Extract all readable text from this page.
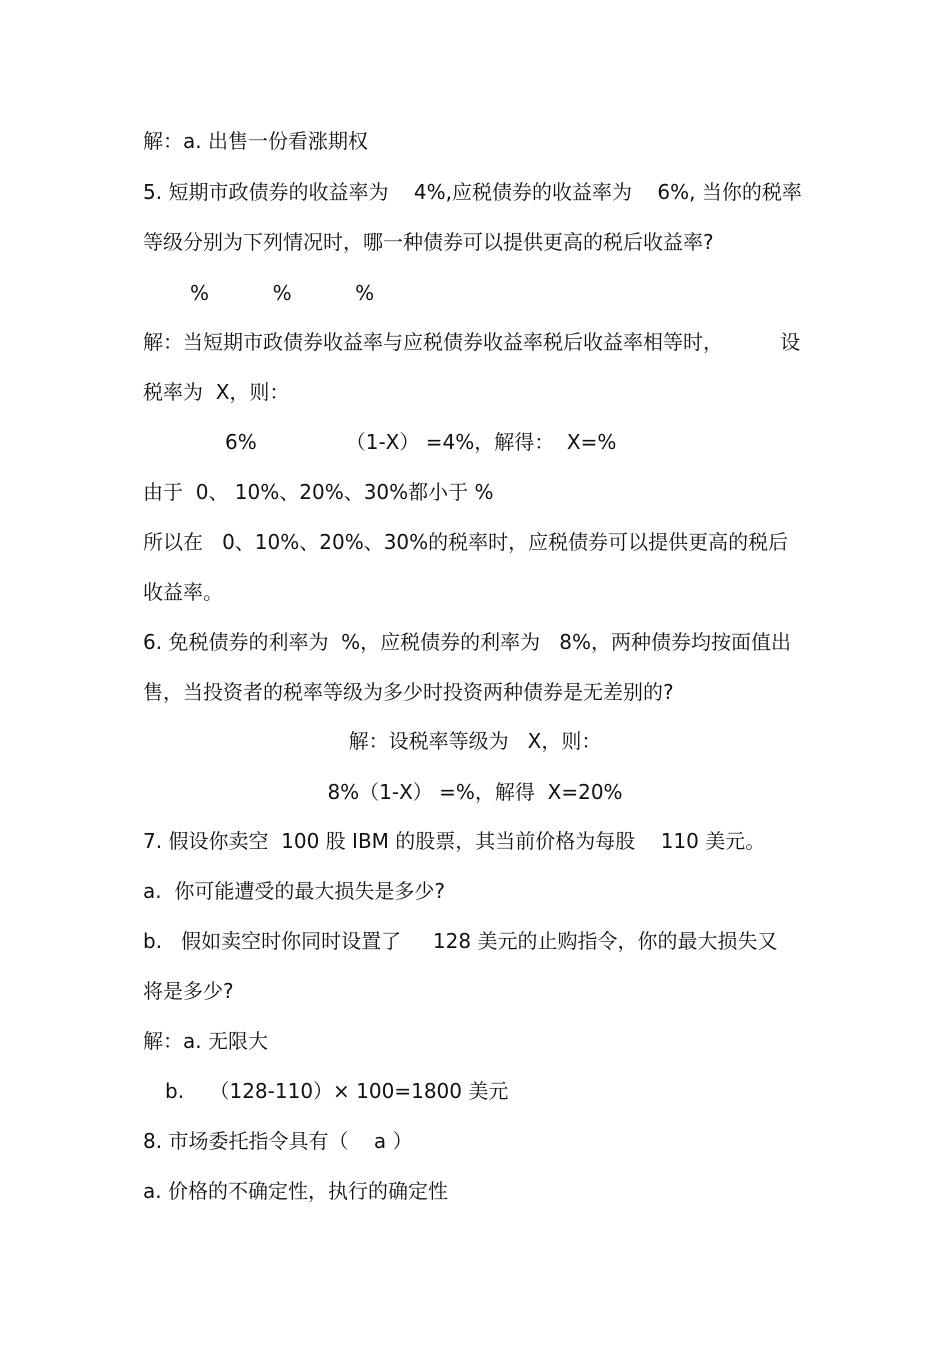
解：a. 出售一份看涨期权
5. 短期市政债券的收益率为    4%,应税债券的收益率为    6%, 当你的税率
等级分别为下列情况时，哪一种债券可以提供更高的税后收益率?
%          %          %
解：当短期市政债券收益率与应税债券收益率税后收益率相等时，         设
税率为  X，则：
6%              （1-X） =4%，解得：  X=%
由于  0、 10%、20%、30%都小于 %
所以在   0、10%、20%、30%的税率时，应税债券可以提供更高的税后
收益率。
6. 免税债券的利率为  %，应税债券的利率为   8%，两种债券均按面值出
售，当投资者的税率等级为多少时投资两种债券是无差别的?
解：设税率等级为   X，则：
8%（1-X） =%，解得  X=20%
7. 假设你卖空  100 股 IBM 的股票，其当前价格为每股    110 美元。
a.  你可能遭受的最大损失是多少?
b.   假如卖空时你同时设置了     128 美元的止购指令，你的最大损失又
将是多少?
解：a. 无限大
b.    （128-110）× 100=1800 美元
8. 市场委托指令具有（    a ）
a. 价格的不确定性，执行的确定性
